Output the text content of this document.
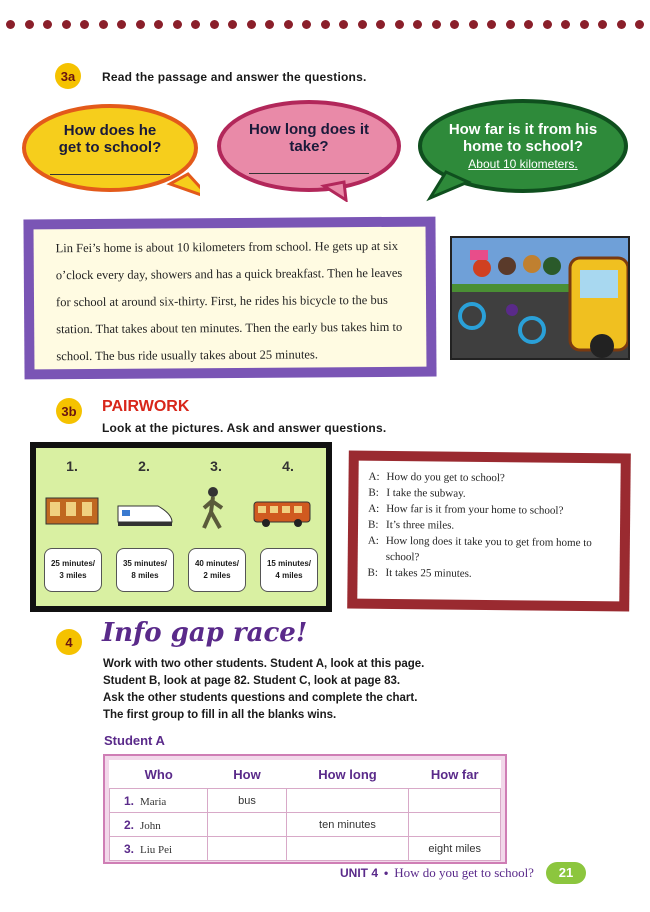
3a	Read the passage and answer the questions.
How does he get to school?
How long does it take?
How far is it from his home to school?
About 10 kilometers.
Lin Fei’s home is about 10 kilometers from school. He gets up at six o’clock every day, showers and has a quick breakfast. Then he leaves for school at around six-thirty. First, he rides his bicycle to the bus station. That takes about ten minutes. Then the early bus takes him to school. The bus ride usually takes about 25 minutes.
3b	PAIRWORK
Look at the pictures. Ask and answer questions.
1.	2.	3.	4.
25 minutes/
3 miles
35 minutes/
8 miles
40 minutes/
2 miles
15 minutes/
4 miles
A: How do you get to school?
B: I take the subway.
A: How far is it from your home to school?
B: It’s three miles.
A: How long does it take you to get from home to school?
B: It takes 25 minutes.
4	Info gap race!
Work with two other students. Student A, look at this page.
Student B, look at page 82. Student C, look at page 83.
Ask the other students questions and complete the chart.
The first group to fill in all the blanks wins.
Student A
Who	How	How long	How far
1. Maria	bus		
2. John		ten minutes	
3. Liu Pei			eight miles
UNIT 4 • How do you get to school?	21
